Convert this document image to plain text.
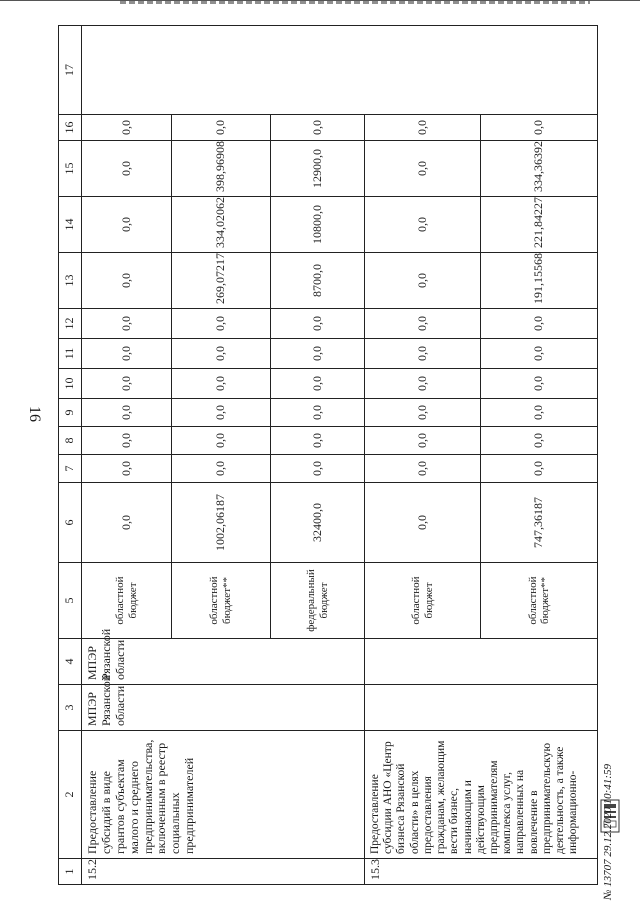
16
1	2	3	4	5	6	7	8	9	10	11	12	13	14	15	16	17
15.2	Предоставление субсидий в виде грантов субъектам малого и среднего предпринимательства, включенным в реестр социальных предпринимателей	МПЭР Рязанской области	МПЭР Рязанской области	областной бюджет	0,0	0,0	0,0	0,0	0,0	0,0	0,0	0,0	0,0	0,0	0,0	
				областной бюджет**	1002,06187	0,0	0,0	0,0	0,0	0,0	0,0	269,07217	334,02062	398,96908	0,0	
				федеральный бюджет	32400,0	0,0	0,0	0,0	0,0	0,0	0,0	8700,0	10800,0	12900,0	0,0	
15.3	Предоставление субсидии АНО «Центр бизнеса Рязанской области» в целях предоставления гражданам, желающим вести бизнес, начинающим и действующим предпринимателям комплекса услуг, направленных на вовлечение в предпринимательскую деятельность, а также информационно-			областной бюджет	0,0	0,0	0,0	0,0	0,0	0,0	0,0	0,0	0,0	0,0	0,0	
				областной бюджет**	747,36187	0,0	0,0	0,0	0,0	0,0	0,0	191,15568	221,84227	334,36392	0,0	
№ 13707 29.12.2020 10:41:59
